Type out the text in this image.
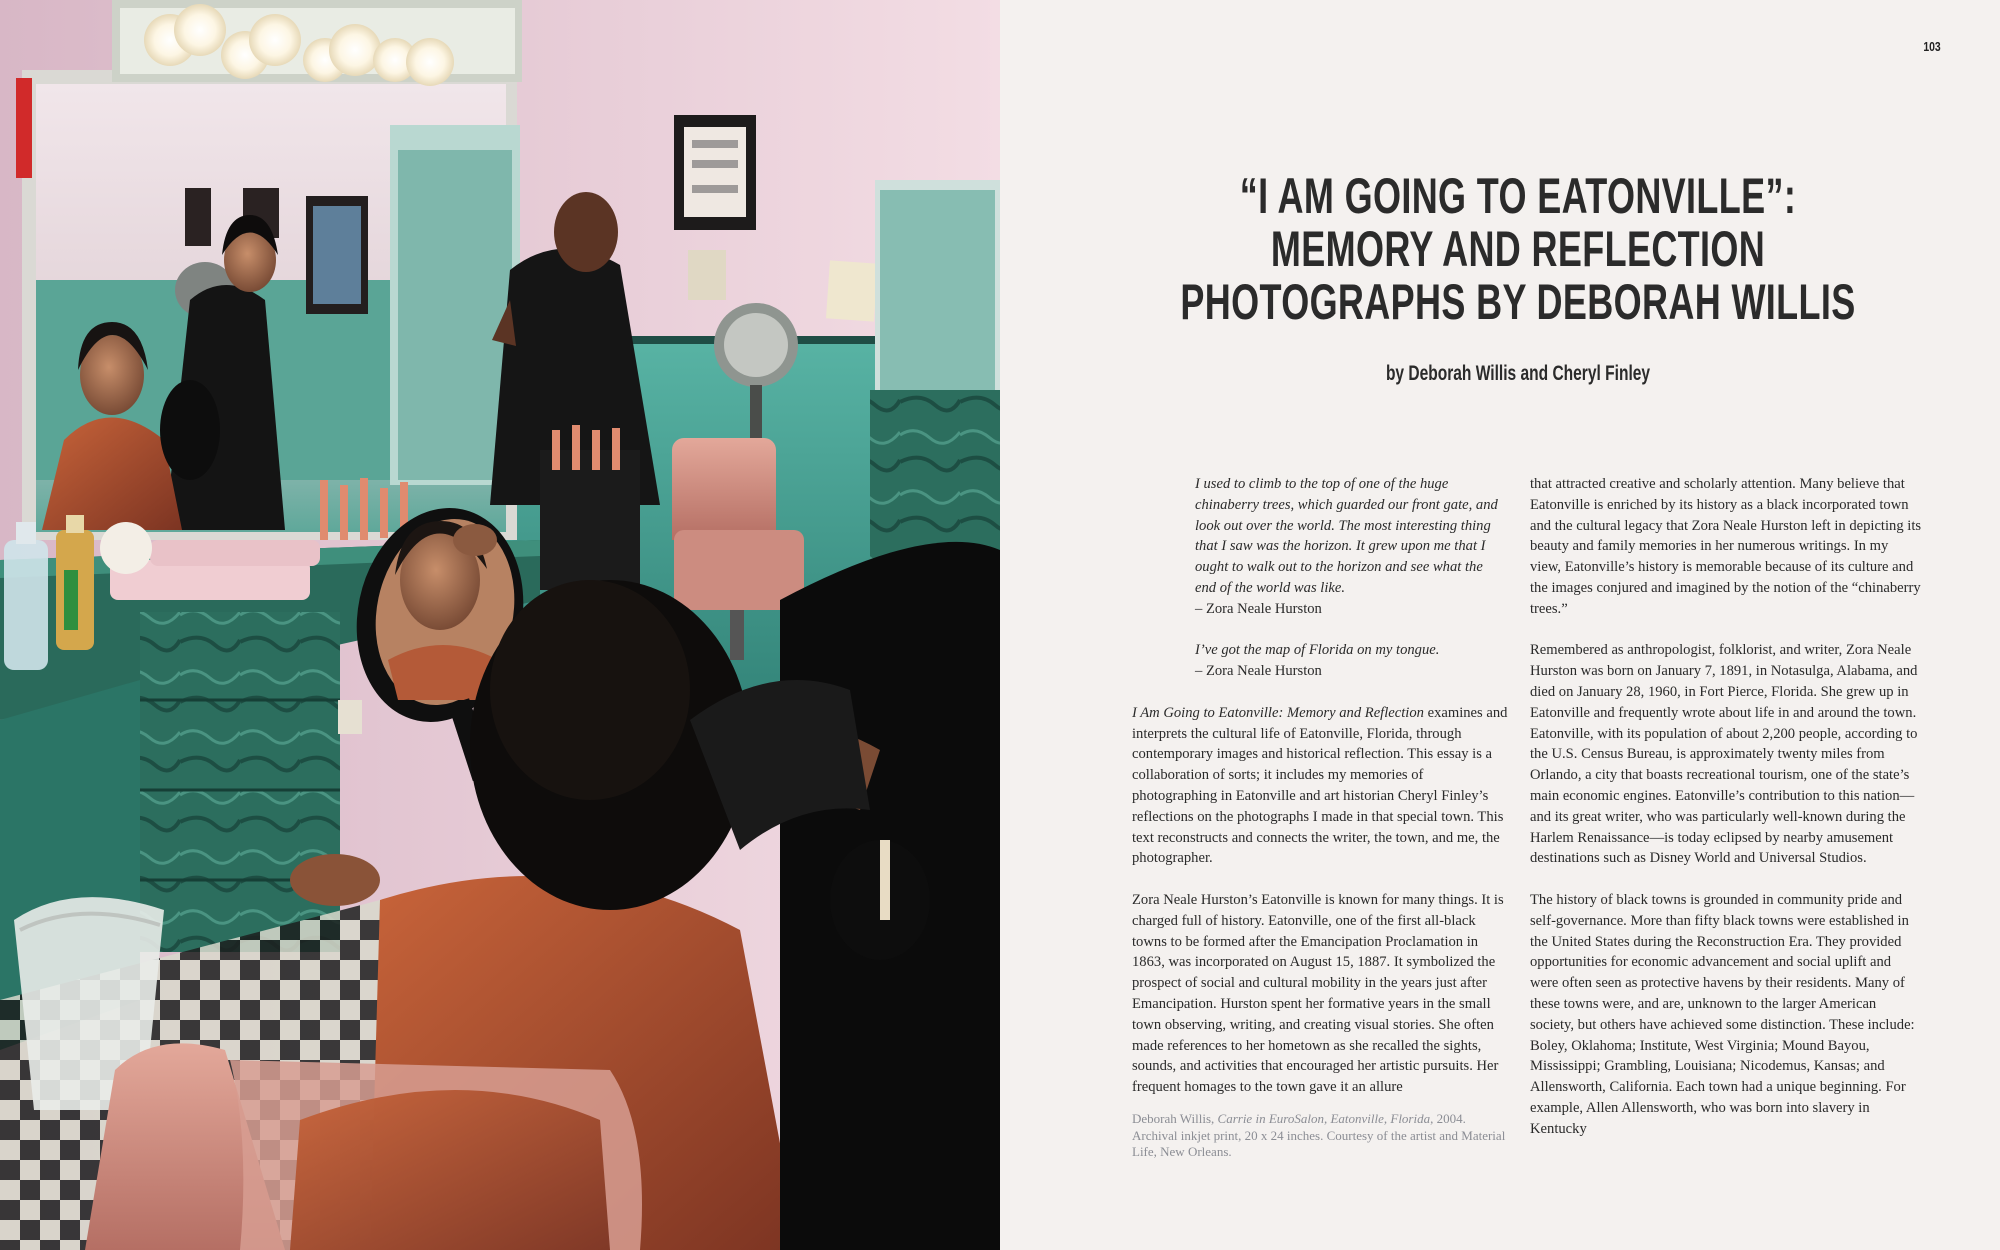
103
“I AM GOING TO EATONVILLE”:
MEMORY AND REFLECTION
PHOTOGRAPHS BY DEBORAH WILLIS
by Deborah Willis and Cheryl Finley
I used to climb to the top of one of the huge chinaberry trees, which guarded our front gate, and look out over the world. The most interesting thing that I saw was the horizon. It grew upon me that I ought to walk out to the horizon and see what the end of the world was like.
– Zora Neale Hurston
I’ve got the map of Florida on my tongue.
– Zora Neale Hurston
I Am Going to Eatonville: Memory and Reflection examines and interprets the cultural life of Eatonville, Florida, through contemporary images and historical reflection. This essay is a collaboration of sorts; it includes my memories of photographing in Eatonville and art historian Cheryl Finley’s reflections on the photographs I made in that special town. This text reconstructs and connects the writer, the town, and me, the photographer.
Zora Neale Hurston’s Eatonville is known for many things. It is charged full of history. Eatonville, one of the first all-black towns to be formed after the Emancipation Proclamation in 1863, was incorporated on August 15, 1887. It symbolized the prospect of social and cultural mobility in the years just after Emancipation. Hurston spent her formative years in the small town observing, writing, and creating visual stories. She often made references to her hometown as she recalled the sights, sounds, and activities that encouraged her artistic pursuits. Her frequent homages to the town gave it an allure
that attracted creative and scholarly attention. Many believe that Eatonville is enriched by its history as a black incorporated town and the cultural legacy that Zora Neale Hurston left in depicting its beauty and family memories in her numerous writings. In my view, Eatonville’s history is memorable because of its culture and the images conjured and imagined by the notion of the “chinaberry trees.”
Remembered as anthropologist, folklorist, and writer, Zora Neale Hurston was born on January 7, 1891, in Notasulga, Alabama, and died on January 28, 1960, in Fort Pierce, Florida. She grew up in Eatonville and frequently wrote about life in and around the town. Eatonville, with its population of about 2,200 people, according to the U.S. Census Bureau, is approximately twenty miles from Orlando, a city that boasts recreational tourism, one of the state’s main economic engines. Eatonville’s contribution to this nation—and its great writer, who was particularly well-known during the Harlem Renaissance—is today eclipsed by nearby amusement destinations such as Disney World and Universal Studios.
The history of black towns is grounded in community pride and self-governance. More than fifty black towns were established in the United States during the Reconstruction Era. They provided opportunities for economic advancement and social uplift and were often seen as protective havens by their residents. Many of these towns were, and are, unknown to the larger American society, but others have achieved some distinction. These include: Boley, Oklahoma; Institute, West Virginia; Mound Bayou, Mississippi; Grambling, Louisiana; Nicodemus, Kansas; and Allensworth, California. Each town had a unique beginning. For example, Allen Allensworth, who was born into slavery in Kentucky
Deborah Willis, Carrie in EuroSalon, Eatonville, Florida, 2004. Archival inkjet print, 20 x 24 inches. Courtesy of the artist and Material Life, New Orleans.
